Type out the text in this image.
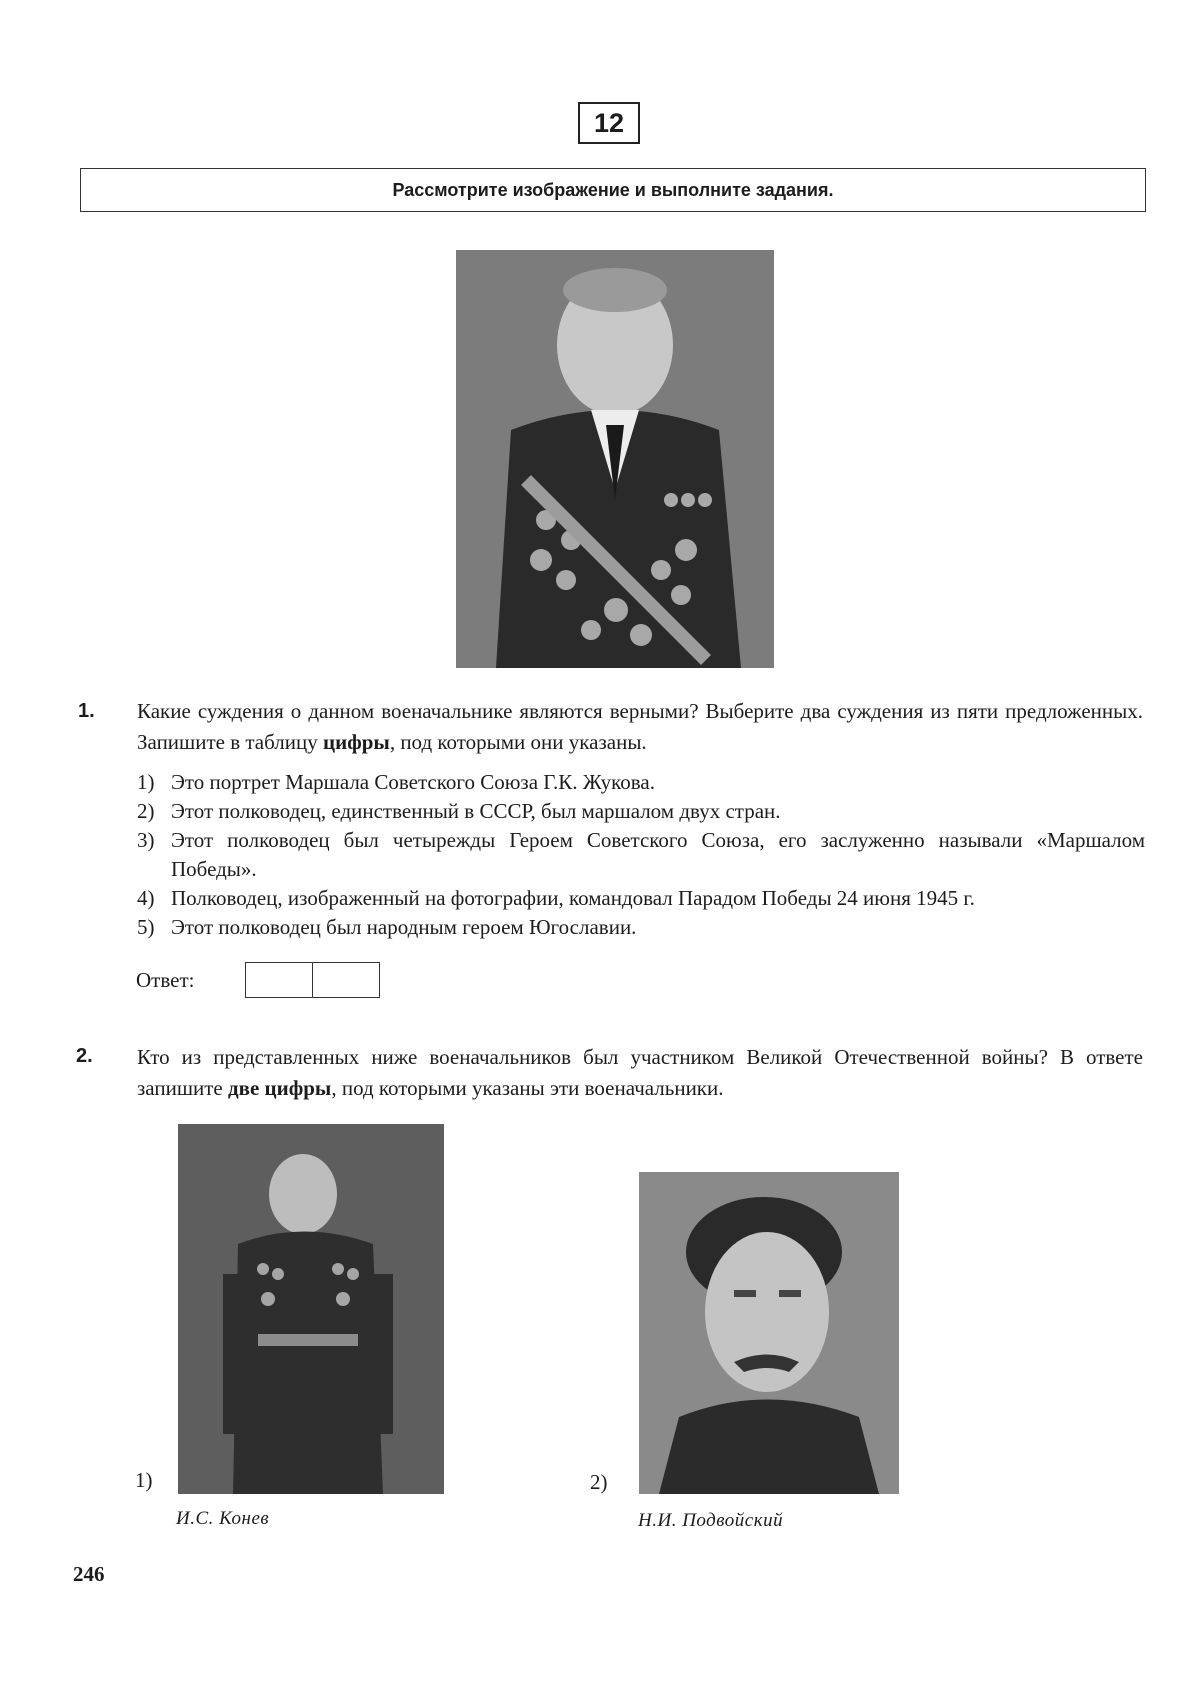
12
Рассмотрите изображение и выполните задания.
1. Какие суждения о данном военачальнике являются верными? Выберите два суждения из пяти предложенных. Запишите в таблицу цифры, под которыми они указаны.
1) Это портрет Маршала Советского Союза Г.К. Жукова.
2) Этот полководец, единственный в СССР, был маршалом двух стран.
3) Этот полководец был четырежды Героем Советского Союза, его заслуженно называли «Маршалом Победы».
4) Полководец, изображенный на фотографии, командовал Парадом Победы 24 июня 1945 г.
5) Этот полководец был народным героем Югославии.
Ответ:
2. Кто из представленных ниже военачальников был участником Великой Отечественной войны? В ответе запишите две цифры, под которыми указаны эти военачальники.
1)
И.С. Конев
2)
Н.И. Подвойский
246
